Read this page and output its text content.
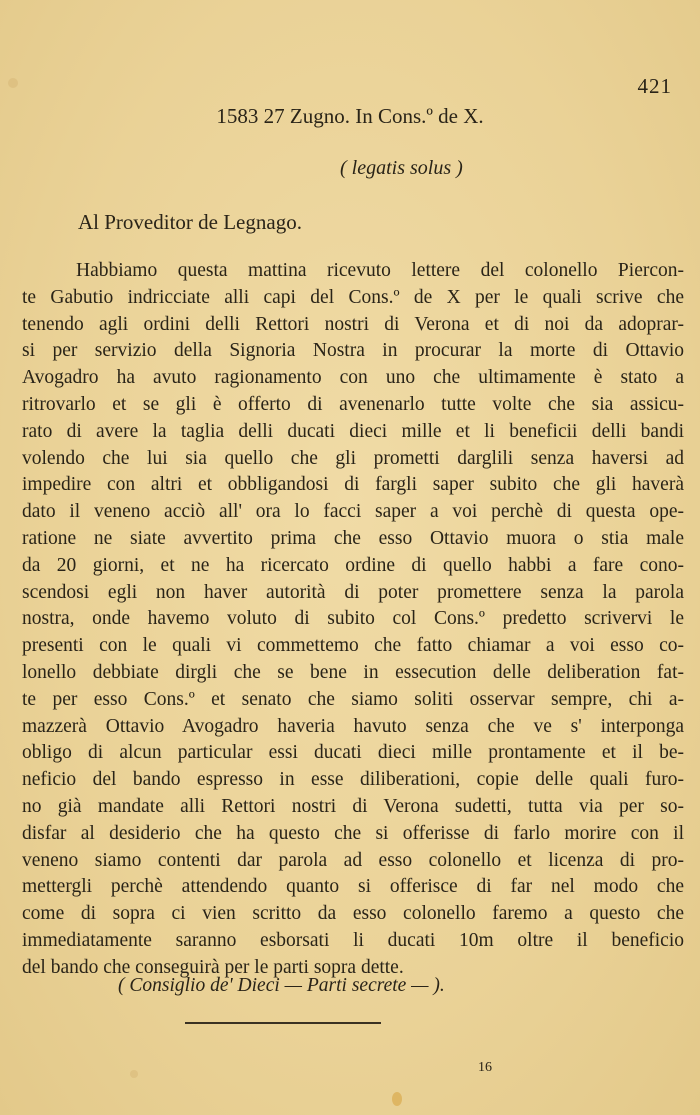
421
1583 27 Zugno. In Cons.º de X.
( legatis solus )
Al Proveditor de Legnago.
Habbiamo questa mattina ricevuto lettere del colonello Piercon-
te Gabutio indricciate alli capi del Cons.º de X per le quali scrive che
tenendo agli ordini delli Rettori nostri di Verona et di noi da adoprar-
si per servizio della Signoria Nostra in procurar la morte di Ottavio
Avogadro ha avuto ragionamento con uno che ultimamente è stato a
ritrovarlo et se gli è offerto di avenenarlo tutte volte che sia assicu-
rato di avere la taglia delli ducati dieci mille et li beneficii delli bandi
volendo che lui sia quello che gli prometti darglili senza haversi ad
impedire con altri et obbligandosi di fargli saper subito che gli haverà
dato il veneno acciò all' ora lo facci saper a voi perchè di questa ope-
ratione ne siate avvertito prima che esso Ottavio muora o stia male
da 20 giorni, et ne ha ricercato ordine di quello habbi a fare cono-
scendosi egli non haver autorità di poter promettere senza la parola
nostra, onde havemo voluto di subito col Cons.º predetto scrivervi le
presenti con le quali vi commettemo che fatto chiamar a voi esso co-
lonello debbiate dirgli che se bene in essecution delle deliberation fat-
te per esso Cons.º et senato che siamo soliti osservar sempre, chi a-
mazzerà Ottavio Avogadro haveria havuto senza che ve s' interponga
obligo di alcun particular essi ducati dieci mille prontamente et il be-
neficio del bando espresso in esse diliberationi, copie delle quali furo-
no già mandate alli Rettori nostri di Verona sudetti, tutta via per so-
disfar al desiderio che ha questo che si offerisse di farlo morire con il
veneno siamo contenti dar parola ad esso colonello et licenza di pro-
mettergli perchè attendendo quanto si offerisce di far nel modo che
come di sopra ci vien scritto da esso colonello faremo a questo che
immediatamente saranno esborsati li ducati 10m oltre il beneficio
del bando che conseguirà per le parti sopra dette.
( Consiglio de' Dieci — Parti secrete — ).
16
